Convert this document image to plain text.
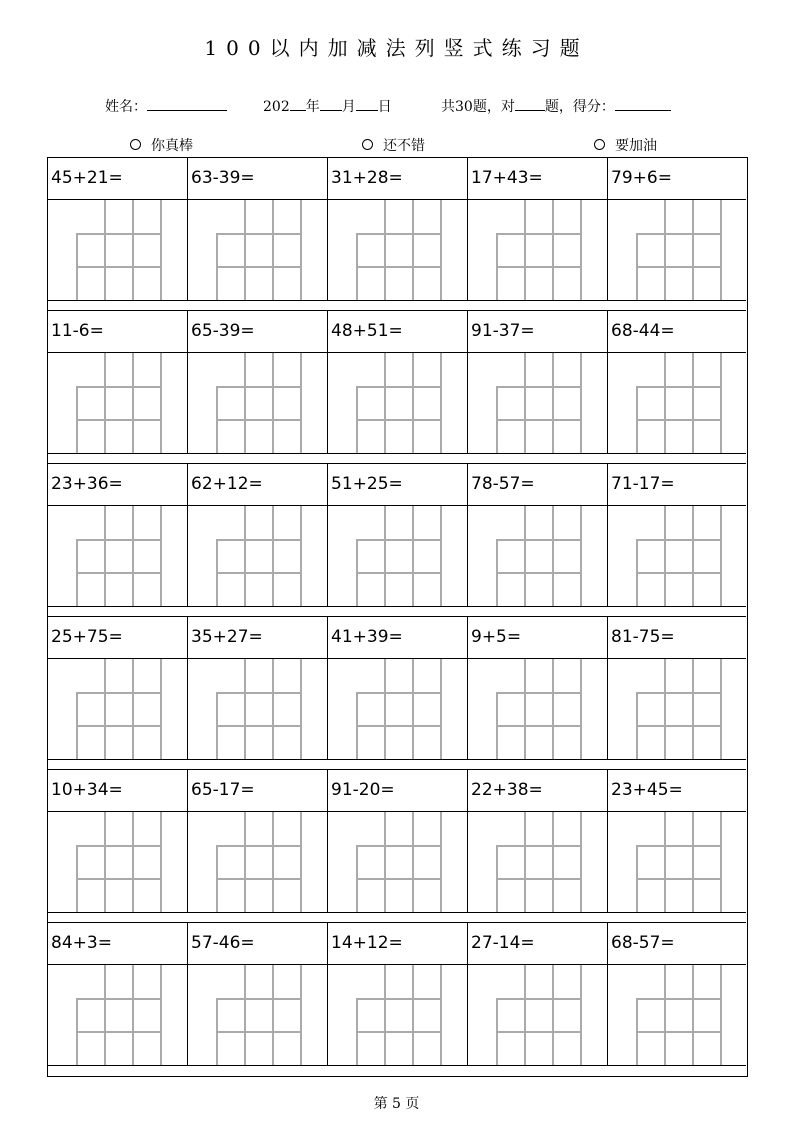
100以内加减法列竖式练习题
姓名：	202 年 月 日	共30题，对 题，得分：
你真棒	还不错	要加油
45+21=	63-39=	31+28=	17+43=	79+6=
11-6=	65-39=	48+51=	91-37=	68-44=
23+36=	62+12=	51+25=	78-57=	71-17=
25+75=	35+27=	41+39=	9+5=	81-75=
10+34=	65-17=	91-20=	22+38=	23+45=
84+3=	57-46=	14+12=	27-14=	68-57=
第 5 页
